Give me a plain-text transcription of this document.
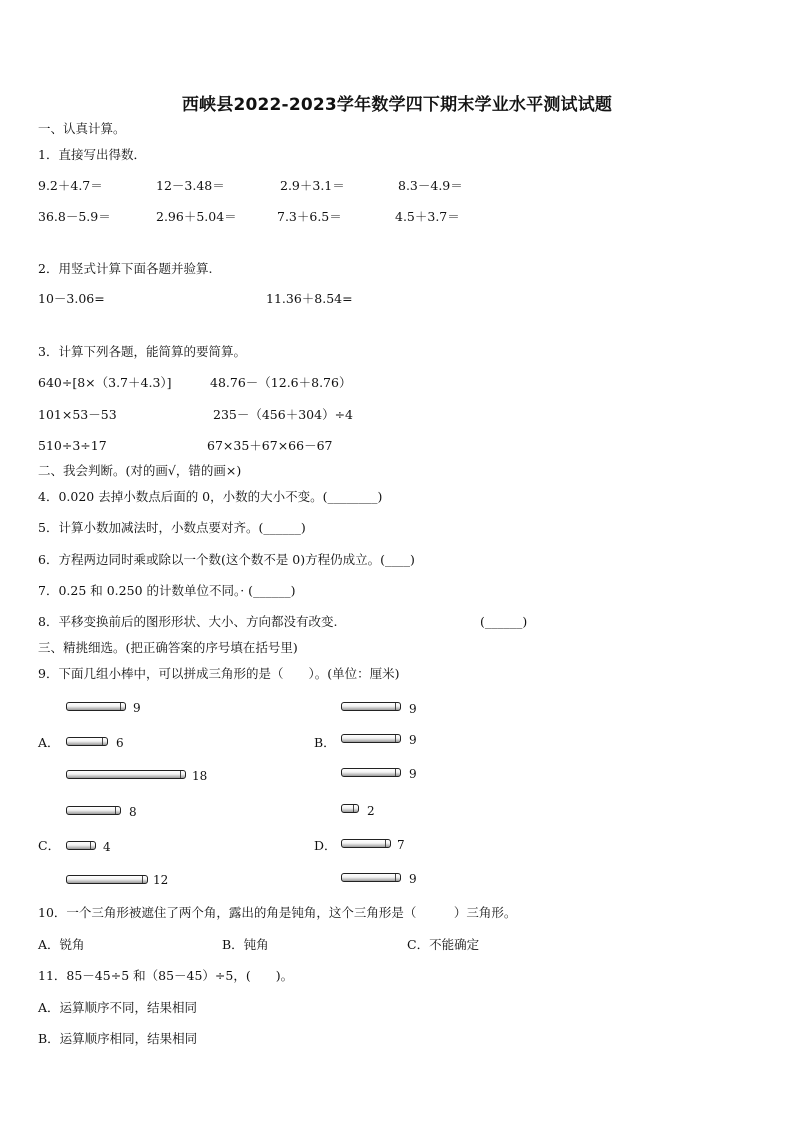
西峡县2022-2023学年数学四下期末学业水平测试试题
一、认真计算。
1．直接写出得数．
9.2＋4.7＝	12－3.48＝	2.9＋3.1＝	8.3－4.9＝
36.8－5.9＝	2.96＋5.04＝	7.3＋6.5＝	4.5＋3.7＝
2．用竖式计算下面各题并验算.
10－3.06=	11.36＋8.54=
3．计算下列各题，能简算的要简算。
640÷[8×（3.7＋4.3）]	48.76－（12.6＋8.76）
101×53－53	235－（456＋304）÷4
510÷3÷17	67×35＋67×66－67
二、我会判断。(对的画√，错的画×)
4．0.020 去掉小数点后面的 0，小数的大小不变。(________)
5．计算小数加减法时，小数点要对齐。(______)
6．方程两边同时乘或除以一个数(这个数不是 0)方程仍成立。(____)
7．0.25 和 0.250 的计数单位不同。· (______)
8．平移变换前后的图形形状、大小、方向都没有改变.	(______)
三、精挑细选。(把正确答案的序号填在括号里)
9．下面几组小棒中，可以拼成三角形的是（　　）。(单位：厘米)
A．
9
6
18
B．
9
9
9
C．
8
4
12
D．
2
7
9
10．一个三角形被遮住了两个角，露出的角是钝角，这个三角形是（　　　）三角形。
A．锐角	B．钝角	C．不能确定
11．85－45÷5 和（85－45）÷5，(　　)。
A．运算顺序不同，结果相同
B．运算顺序相同，结果相同
